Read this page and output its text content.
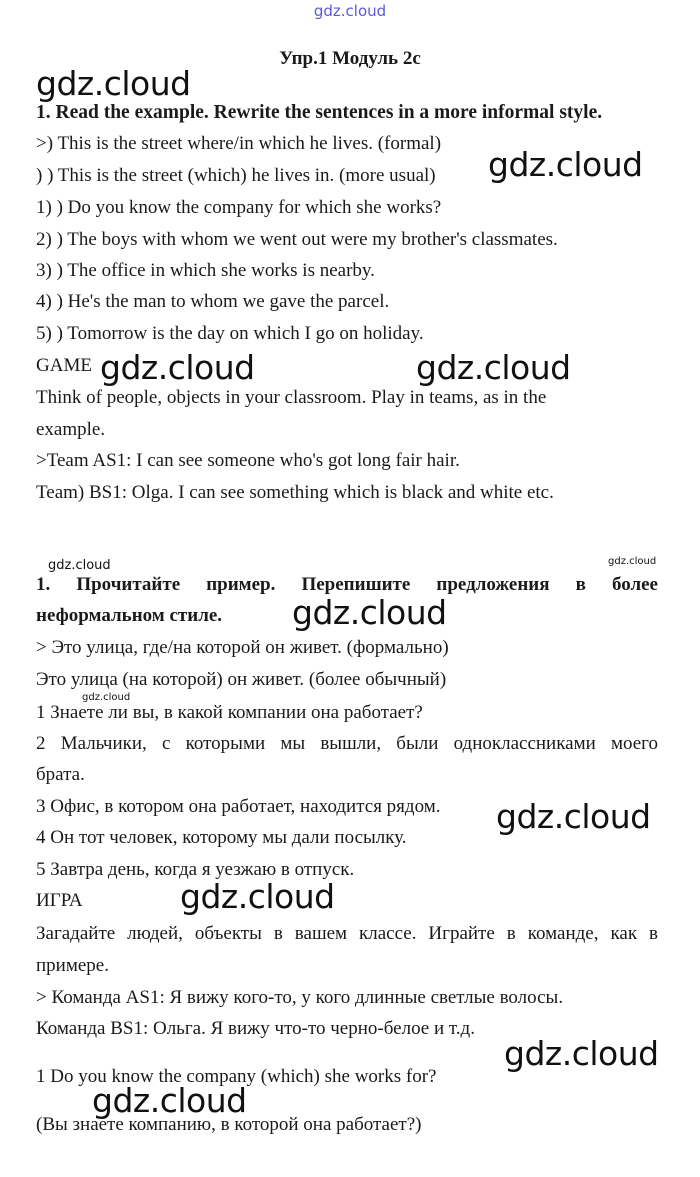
gdz.cloud
Упр.1 Модуль 2c
1. Read the example. Rewrite the sentences in a more informal style.
>) This is the street where/in which he lives. (formal)
) ) This is the street (which) he lives in. (more usual)
1) ) Do you know the company for which she works?
2) ) The boys with whom we went out were my brother's classmates.
3) ) The office in which she works is nearby.
4) ) He's the man to whom we gave the parcel.
5) ) Tomorrow is the day on which I go on holiday.
GAME
Think of people, objects in your classroom. Play in teams, as in the
example.
>Team AS1: I can see someone who's got long fair hair.
Team) BS1: Olga. I can see something which is black and white etc.
1. Прочитайте пример. Перепишите предложения в более
неформальном стиле.
> Это улица, где/на которой он живет. (формально)
Это улица (на которой) он живет. (более обычный)
1 Знаете ли вы, в какой компании она работает?
2 Мальчики, с которыми мы вышли, были одноклассниками моего
брата.
3 Офис, в котором она работает, находится рядом.
4 Он тот человек, которому мы дали посылку.
5 Завтра день, когда я уезжаю в отпуск.
ИГРА
Загадайте людей, объекты в вашем классе. Играйте в команде, как в
примере.
> Команда AS1: Я вижу кого-то, у кого длинные светлые волосы.
Команда BS1: Ольга. Я вижу что-то черно-белое и т.д.
1 Do you know the company (which) she works for?
(Вы знаете компанию, в которой она работает?)
gdz.cloud
gdz.cloud
gdz.cloud	gdz.cloud
gdz.cloud	gdz.cloud
gdz.cloud
gdz.cloud
gdz.cloud
gdz.cloud
gdz.cloud
gdz.cloud
